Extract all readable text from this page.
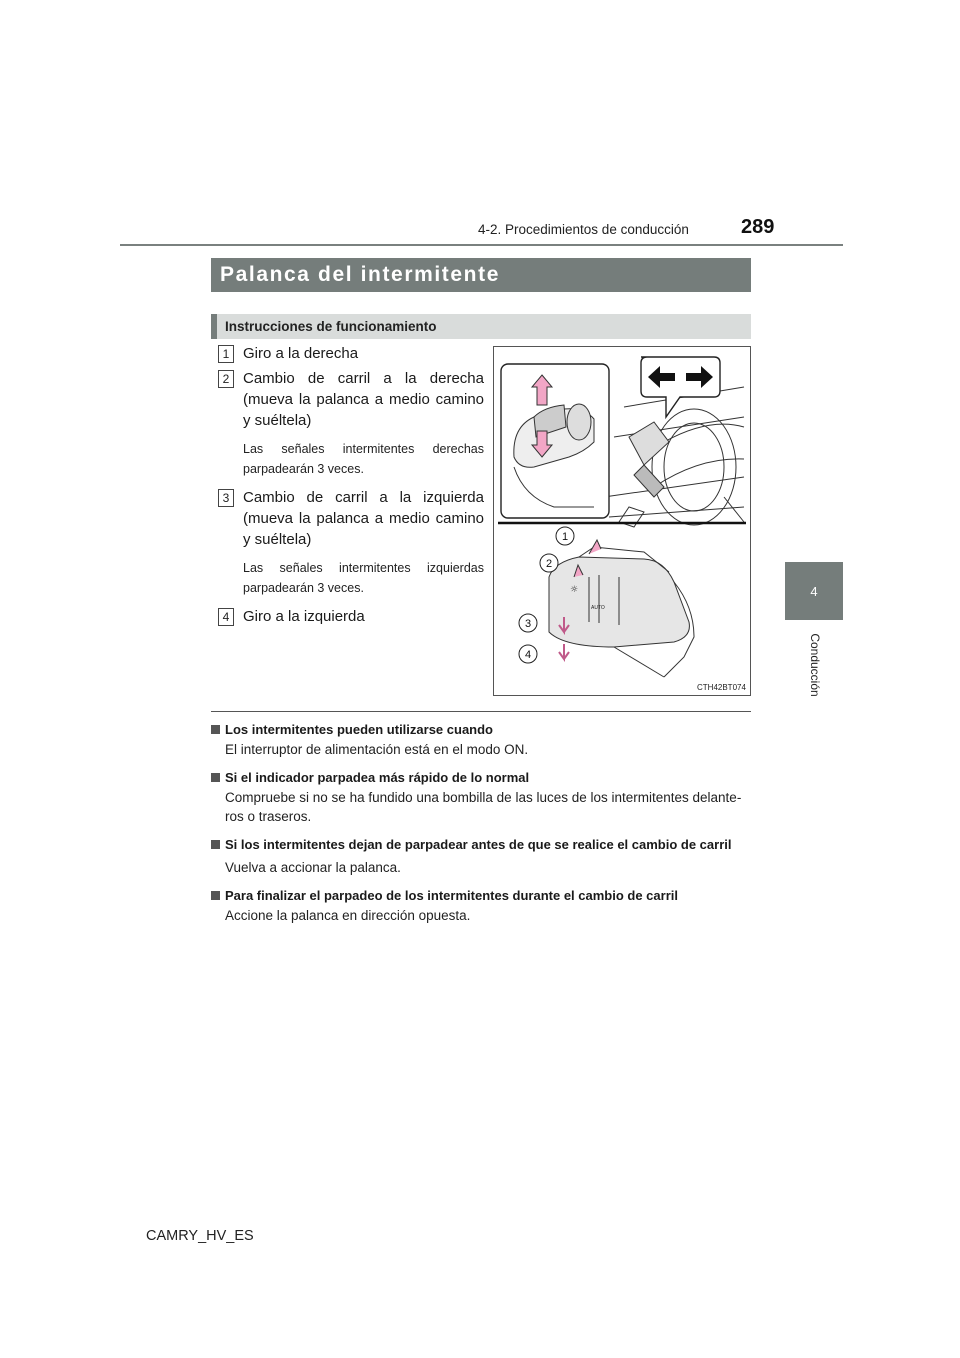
4-2. Procedimientos de conducción	289
4
Conducción
Palanca del intermitente
Instrucciones de funcionamiento
1 Giro a la derecha
2 Cambio de carril a la derecha (mueva la palanca a medio camino y suéltela)
Las señales intermitentes derechas parpadearán 3 veces.
3 Cambio de carril a la izquierda (mueva la palanca a medio camino y suéltela)
Las señales intermitentes izquierdas parpadearán 3 veces.
4 Giro a la izquierda
☼
AUTO
1
2
3
4
CTH42BT074
Los intermitentes pueden utilizarse cuando
El interruptor de alimentación está en el modo ON.
Si el indicador parpadea más rápido de lo normal
Compruebe si no se ha fundido una bombilla de las luces de los intermitentes delante-ros o traseros.
Si los intermitentes dejan de parpadear antes de que se realice el cambio de carril
Vuelva a accionar la palanca.
Para finalizar el parpadeo de los intermitentes durante el cambio de carril
Accione la palanca en dirección opuesta.
CAMRY_HV_ES
